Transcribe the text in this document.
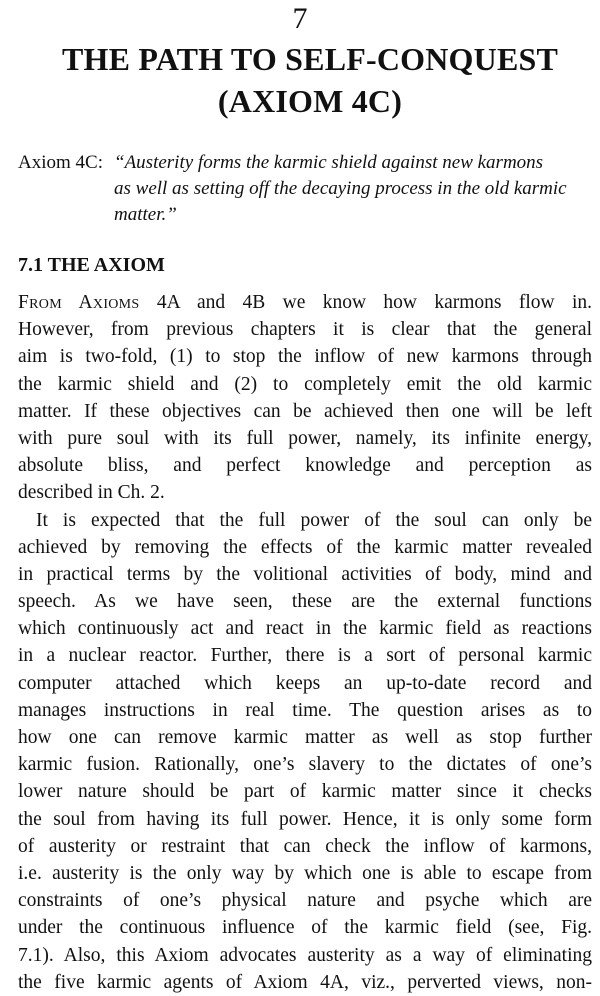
7
THE PATH TO SELF-CONQUEST
(AXIOM 4C)
Axiom 4C: “Austerity forms the karmic shield against new karmons
as well as setting off the decaying process in the old karmic
matter.”
7.1 THE AXIOM
From Axioms 4A and 4B we know how karmons flow in.
However, from previous chapters it is clear that the general
aim is two-fold, (1) to stop the inflow of new karmons through
the karmic shield and (2) to completely emit the old karmic
matter. If these objectives can be achieved then one will be left
with pure soul with its full power, namely, its infinite energy,
absolute bliss, and perfect knowledge and perception as
described in Ch. 2.
It is expected that the full power of the soul can only be
achieved by removing the effects of the karmic matter revealed
in practical terms by the volitional activities of body, mind and
speech. As we have seen, these are the external functions
which continuously act and react in the karmic field as reactions
in a nuclear reactor. Further, there is a sort of personal karmic
computer attached which keeps an up-to-date record and
manages instructions in real time. The question arises as to
how one can remove karmic matter as well as stop further
karmic fusion. Rationally, one’s slavery to the dictates of one’s
lower nature should be part of karmic matter since it checks
the soul from having its full power. Hence, it is only some form
of austerity or restraint that can check the inflow of karmons,
i.e. austerity is the only way by which one is able to escape from
constraints of one’s physical nature and psyche which are
under the continuous influence of the karmic field (see, Fig.
7.1). Also, this Axiom advocates austerity as a way of eliminating
the five karmic agents of Axiom 4A, viz., perverted views, non-
